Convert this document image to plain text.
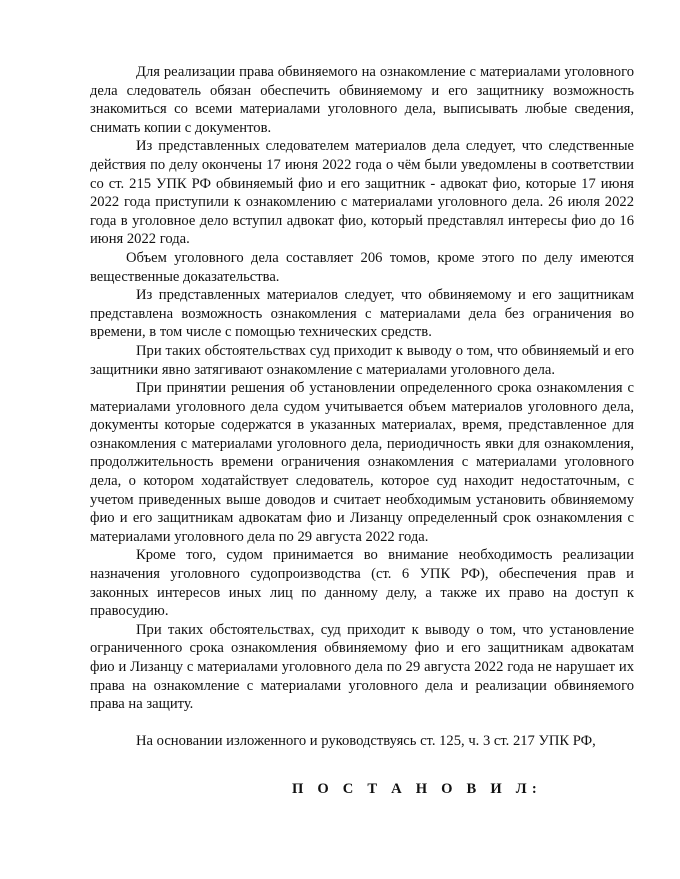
Для реализации права обвиняемого на ознакомление с материалами уголовного дела следователь обязан обеспечить обвиняемому и его защитнику возможность знакомиться со всеми материалами уголовного дела, выписывать любые сведения, снимать копии с документов.

Из представленных следователем материалов дела следует, что следственные действия по делу окончены 17 июня 2022 года о чём были уведомлены в соответствии со ст. 215 УПК РФ обвиняемый фио и его защитник - адвокат фио, которые 17 июня 2022 года приступили к ознакомлению с материалами уголовного дела. 26 июля 2022 года в уголовное дело вступил адвокат фио, который представлял интересы фио до 16 июня 2022 года.

Объем уголовного дела составляет 206 томов, кроме этого по делу имеются вещественные доказательства.

Из представленных материалов следует, что обвиняемому и его защитникам представлена возможность ознакомления с материалами дела без ограничения во времени, в том числе с помощью технических средств.

При таких обстоятельствах суд приходит к выводу о том, что обвиняемый и его защитники явно затягивают ознакомление с материалами уголовного дела.

При принятии решения об установлении определенного срока ознакомления с материалами уголовного дела судом учитывается объем материалов уголовного дела, документы которые содержатся в указанных материалах, время, представленное для ознакомления с материалами уголовного дела, периодичность явки для ознакомления, продолжительность времени ограничения ознакомления с материалами уголовного дела, о котором ходатайствует следователь, которое суд находит недостаточным, с учетом приведенных выше доводов и считает необходимым установить обвиняемому фио и его защитникам адвокатам фио и Лизанцу определенный срок ознакомления с материалами уголовного дела по 29 августа 2022 года.

Кроме того, судом принимается во внимание необходимость реализации назначения уголовного судопроизводства (ст. 6 УПК РФ), обеспечения прав и законных интересов иных лиц по данному делу, а также их право на доступ к правосудию.

При таких обстоятельствах, суд приходит к выводу о том, что установление ограниченного срока ознакомления обвиняемому фио и его защитникам адвокатам фио и Лизанцу с материалами уголовного дела по 29 августа 2022 года не нарушает их права на ознакомление с материалами уголовного дела и реализации обвиняемого права на защиту.

На основании изложенного и руководствуясь ст. 125, ч. 3 ст. 217 УПК РФ,

П О С Т А Н О В И Л:
